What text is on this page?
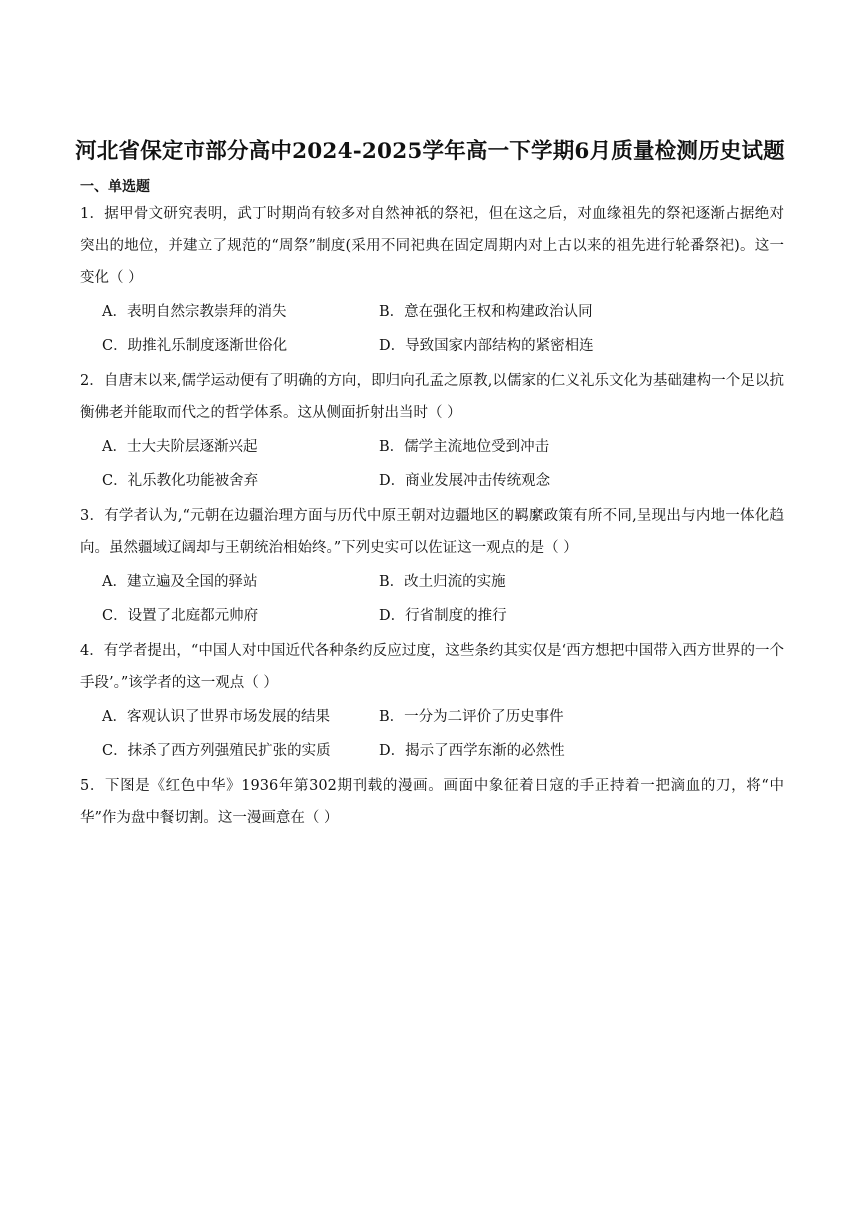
河北省保定市部分高中2024-2025学年高一下学期6月质量检测历史试题
一、单选题
1．据甲骨文研究表明，武丁时期尚有较多对自然神祇的祭祀，但在这之后，对血缘祖先的祭祀逐渐占据绝对突出的地位，并建立了规范的“周祭”制度(采用不同祀典在固定周期内对上古以来的祖先进行轮番祭祀)。这一变化（ ）
A．表明自然宗教崇拜的消失	B．意在强化王权和构建政治认同
C．助推礼乐制度逐渐世俗化	D．导致国家内部结构的紧密相连
2．自唐末以来,儒学运动便有了明确的方向，即归向孔孟之原教,以儒家的仁义礼乐文化为基础建构一个足以抗衡佛老并能取而代之的哲学体系。这从侧面折射出当时（ ）
A．士大夫阶层逐渐兴起	B．儒学主流地位受到冲击
C．礼乐教化功能被舍弃	D．商业发展冲击传统观念
3．有学者认为,“元朝在边疆治理方面与历代中原王朝对边疆地区的羁縻政策有所不同,呈现出与内地一体化趋向。虽然疆域辽阔却与王朝统治相始终。”下列史实可以佐证这一观点的是（ ）
A．建立遍及全国的驿站	B．改土归流的实施
C．设置了北庭都元帅府	D．行省制度的推行
4．有学者提出，“中国人对中国近代各种条约反应过度，这些条约其实仅是‘西方想把中国带入西方世界的一个手段’。”该学者的这一观点（ ）
A．客观认识了世界市场发展的结果	B．一分为二评价了历史事件
C．抹杀了西方列强殖民扩张的实质	D．揭示了西学东渐的必然性
5．下图是《红色中华》1936年第302期刊载的漫画。画面中象征着日寇的手正持着一把滴血的刀，将“中华”作为盘中餐切割。这一漫画意在（ ）
